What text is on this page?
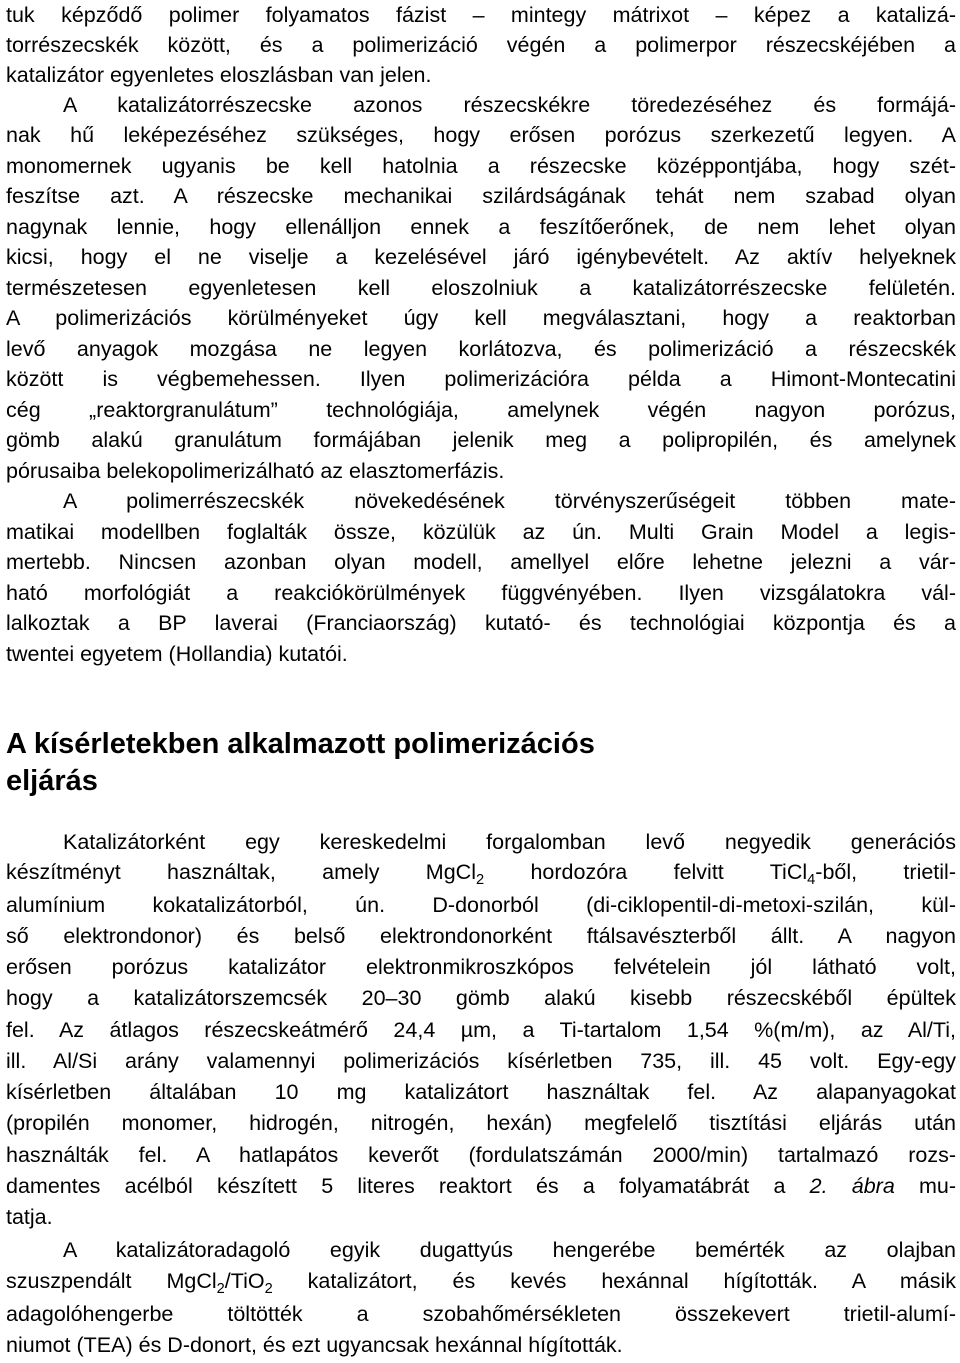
tuk képződő polimer folyamatos fázist – mintegy mátrixot – képez a katalizá-
torrészecskék között, és a polimerizáció végén a polimerpor részecskéjében a
katalizátor egyenletes eloszlásban van jelen.
A katalizátorrészecske azonos részecskékre töredezéséhez és formájá-
nak hű leképezéséhez szükséges, hogy erősen porózus szerkezetű legyen. A
monomernek ugyanis be kell hatolnia a részecske középpontjába, hogy szét-
feszítse azt. A részecske mechanikai szilárdságának tehát nem szabad olyan
nagynak lennie, hogy ellenálljon ennek a feszítőerőnek, de nem lehet olyan
kicsi, hogy el ne viselje a kezelésével járó igénybevételt. Az aktív helyeknek
természetesen egyenletesen kell eloszolniuk a katalizátorrészecske felületén.
A polimerizációs körülményeket úgy kell megválasztani, hogy a reaktorban
levő anyagok mozgása ne legyen korlátozva, és polimerizáció a részecskék
között is végbemehessen. Ilyen polimerizációra példa a Himont-Montecatini
cég „reaktorgranulátum” technológiája, amelynek végén nagyon porózus,
gömb alakú granulátum formájában jelenik meg a polipropilén, és amelynek
pórusaiba belekopolimerizálható az elasztomerfázis.
A polimerrészecskék növekedésének törvényszerűségeit többen mate-
matikai modellben foglalták össze, közülük az ún. Multi Grain Model a legis-
mertebb. Nincsen azonban olyan modell, amellyel előre lehetne jelezni a vár-
ható morfológiát a reakciókörülmények függvényében. Ilyen vizsgálatokra vál-
lalkoztak a BP laverai (Franciaország) kutató- és technológiai központja és a
twentei egyetem (Hollandia) kutatói.
A kísérletekben alkalmazott polimerizációs
eljárás
Katalizátorként egy kereskedelmi forgalomban levő negyedik generációs
készítményt használtak, amely MgCl$_2$ hordozóra felvitt TiCl$_4$-ből, trietil-
alumínium kokatalizátorból, ún. D-donorból (di-ciklopentil-di-metoxi-szilán, kül-
ső elektrondonor) és belső elektrondonorként ftálsavészterből állt. A nagyon
erősen porózus katalizátor elektronmikroszkópos felvételein jól látható volt,
hogy a katalizátorszemcsék 20–30 gömb alakú kisebb részecskéből épültek
fel. Az átlagos részecskeátmérő 24,4 µm, a Ti-tartalom 1,54 %(m/m), az Al/Ti,
ill. Al/Si arány valamennyi polimerizációs kísérletben 735, ill. 45 volt. Egy-egy
kísérletben általában 10 mg katalizátort használtak fel. Az alapanyagokat
(propilén monomer, hidrogén, nitrogén, hexán) megfelelő tisztítási eljárás után
használták fel. A hatlapátos keverőt (fordulatszámán 2000/min) tartalmazó rozs-
damentes acélból készített 5 literes reaktort és a folyamatábrát a 2. ábra mu-
tatja.
A katalizátoradagoló egyik dugattyús hengerébe bemérték az olajban
szuszpendált MgCl$_2$/TiO$_2$ katalizátort, és kevés hexánnal hígították. A másik
adagolóhengerbe töltötték a szobahőmérsékleten összekevert trietil-alumí-
niumot (TEA) és D-donort, és ezt ugyancsak hexánnal hígították.
